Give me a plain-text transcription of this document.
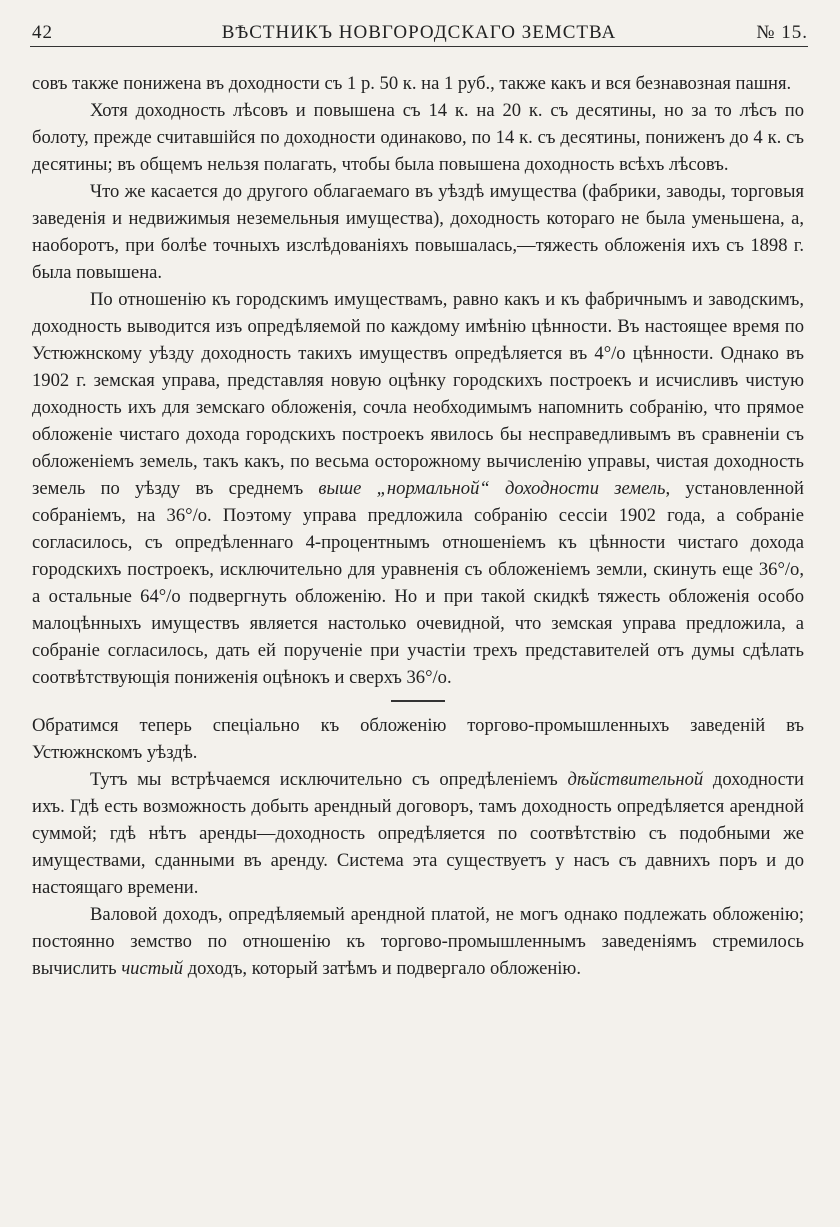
42	ВѢСТНИКЪ НОВГОРОДСКАГО ЗЕМСТВА	№ 15.

совъ также понижена въ доходности съ 1 р. 50 к. на 1 руб., также какъ и вся безнавозная пашня.

Хотя доходность лѣсовъ и повышена съ 14 к. на 20 к. съ десятины, но за то лѣсъ по болоту, прежде считавшійся по доходности одинаково, по 14 к. съ десятины, пониженъ до 4 к. съ десятины; въ общемъ нельзя полагать, чтобы была повышена доходность всѣхъ лѣсовъ.

Что же касается до другого облагаемаго въ уѣздѣ имущества (фабрики, заводы, торговыя заведенія и недвижимыя неземельныя имущества), доходность котораго не была уменьшена, а, наоборотъ, при болѣе точныхъ изслѣдованіяхъ повышалась,—тяжесть обложенія ихъ съ 1898 г. была повышена.

По отношенію къ городскимъ имуществамъ, равно какъ и къ фабричнымъ и заводскимъ, доходность выводится изъ опредѣляемой по каждому имѣнію цѣнности. Въ настоящее время по Устюжнскому уѣзду доходность такихъ имуществъ опредѣляется въ 4°/о цѣнности. Однако въ 1902 г. земская управа, представляя новую оцѣнку городскихъ построекъ и исчисливъ чистую доходность ихъ для земскаго обложенія, сочла необходимымъ напомнить собранію, что прямое обложеніе чистаго дохода городскихъ построекъ явилось бы несправедливымъ въ сравненіи съ обложеніемъ земель, такъ какъ, по весьма осторожному вычисленію управы, чистая доходность земель по уѣзду въ среднемъ выше „нормальной“ доходности земель, установленной собраніемъ, на 36°/о. Поэтому управа предложила собранію сессіи 1902 года, а собраніе согласилось, съ опредѣленнаго 4-процентнымъ отношеніемъ къ цѣнности чистаго дохода городскихъ построекъ, исключительно для уравненія съ обложеніемъ земли, скинуть еще 36°/о, а остальные 64°/о подвергнуть обложенію. Но и при такой скидкѣ тяжесть обложенія особо малоцѣнныхъ имуществъ является настолько очевидной, что земская управа предложила, а собраніе согласилось, дать ей порученіе при участіи трехъ представителей отъ думы сдѣлать соотвѣтствующія пониженія оцѣнокъ и сверхъ 36°/о.

Обратимся теперь спеціально къ обложенію торгово-промышленныхъ заведеній въ Устюжнскомъ уѣздѣ.

Тутъ мы встрѣчаемся исключительно съ опредѣленіемъ дѣйствительной доходности ихъ. Гдѣ есть возможность добыть арендный договоръ, тамъ доходность опредѣляется арендной суммой; гдѣ нѣтъ аренды—доходность опредѣляется по соотвѣтствію съ подобными же имуществами, сданными въ аренду. Система эта существуетъ у насъ съ давнихъ поръ и до настоящаго времени.

Валовой доходъ, опредѣляемый арендной платой, не могъ однако подлежать обложенію; постоянно земство по отношенію къ торгово-промышленнымъ заведеніямъ стремилось вычислить чистый доходъ, который затѣмъ и подвергало обложенію.
